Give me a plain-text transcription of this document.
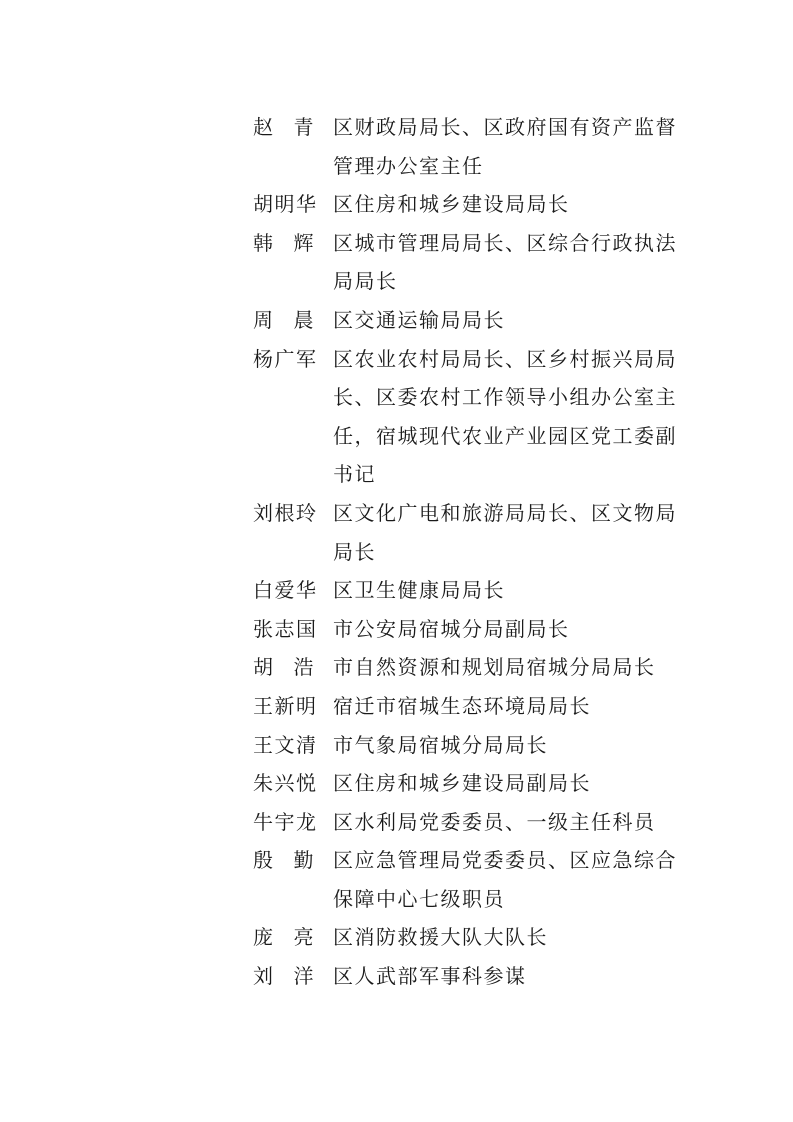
赵 青 区财政局局长、区政府国有资产监督管理办公室主任
胡明华 区住房和城乡建设局局长
韩 辉 区城市管理局局长、区综合行政执法局局长
周 晨 区交通运输局局长
杨广军 区农业农村局局长、区乡村振兴局局长、区委农村工作领导小组办公室主任，宿城现代农业产业园区党工委副书记
刘根玲 区文化广电和旅游局局长、区文物局局长
白爱华 区卫生健康局局长
张志国 市公安局宿城分局副局长
胡 浩 市自然资源和规划局宿城分局局长
王新明 宿迁市宿城生态环境局局长
王文清 市气象局宿城分局局长
朱兴悦 区住房和城乡建设局副局长
牛宇龙 区水利局党委委员、一级主任科员
殷 勤 区应急管理局党委委员、区应急综合保障中心七级职员
庞 亮 区消防救援大队大队长
刘 洋 区人武部军事科参谋
